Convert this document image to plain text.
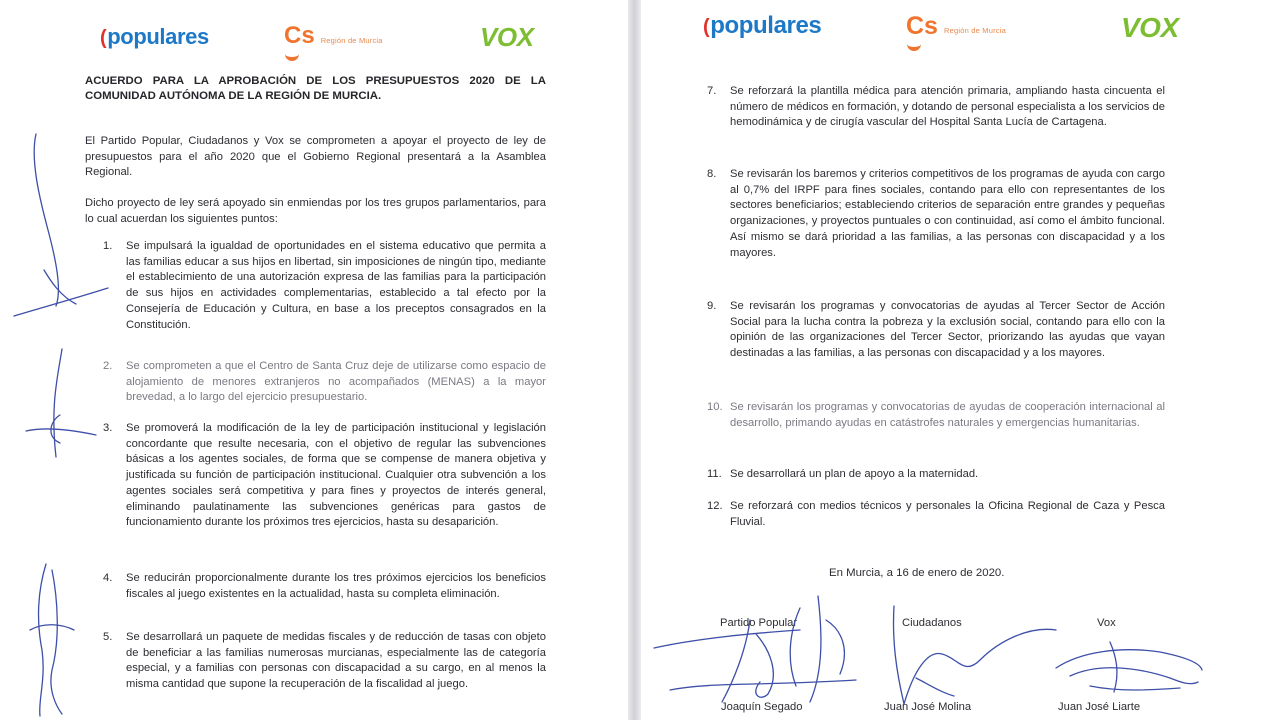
(populares	Cs Región de Murcia	VOX
ACUERDO PARA LA APROBACIÓN DE LOS PRESUPUESTOS 2020 DE LA COMUNIDAD AUTÓNOMA DE LA REGIÓN DE MURCIA.
El Partido Popular, Ciudadanos y Vox se comprometen a apoyar el proyecto de ley de presupuestos para el año 2020 que el Gobierno Regional presentará a la Asamblea Regional.
Dicho proyecto de ley será apoyado sin enmiendas por los tres grupos parlamentarios, para lo cual acuerdan los siguientes puntos:
1.	Se impulsará la igualdad de oportunidades en el sistema educativo que permita a las familias educar a sus hijos en libertad, sin imposiciones de ningún tipo, mediante el establecimiento de una autorización expresa de las familias para la participación de sus hijos en actividades complementarias, establecido a tal efecto por la Consejería de Educación y Cultura, en base a los preceptos consagrados en la Constitución.
2.	Se comprometen a que el Centro de Santa Cruz deje de utilizarse como espacio de alojamiento de menores extranjeros no acompañados (MENAS) a la mayor brevedad, a lo largo del ejercicio presupuestario.
3.	Se promoverá la modificación de la ley de participación institucional y legislación concordante que resulte necesaria, con el objetivo de regular las subvenciones básicas a los agentes sociales, de forma que se compense de manera objetiva y justificada su función de participación institucional. Cualquier otra subvención a los agentes sociales será competitiva y para fines y proyectos de interés general, eliminando paulatinamente las subvenciones genéricas para gastos de funcionamiento durante los próximos tres ejercicios, hasta su desaparición.
4.	Se reducirán proporcionalmente durante los tres próximos ejercicios los beneficios fiscales al juego existentes en la actualidad, hasta su completa eliminación.
5.	Se desarrollará un paquete de medidas fiscales y de reducción de tasas con objeto de beneficiar a las familias numerosas murcianas, especialmente las de categoría especial, y a familias con personas con discapacidad a su cargo, en al menos la misma cantidad que supone la recuperación de la fiscalidad al juego.
(populares	Cs Región de Murcia	VOX
7.	Se reforzará la plantilla médica para atención primaria, ampliando hasta cincuenta el número de médicos en formación, y dotando de personal especialista a los servicios de hemodinámica y de cirugía vascular del Hospital Santa Lucía de Cartagena.
8.	Se revisarán los baremos y criterios competitivos de los programas de ayuda con cargo al 0,7% del IRPF para fines sociales, contando para ello con representantes de los sectores beneficiarios; estableciendo criterios de separación entre grandes y pequeñas organizaciones, y proyectos puntuales o con continuidad, así como el ámbito funcional. Así mismo se dará prioridad a las familias, a las personas con discapacidad y a los mayores.
9.	Se revisarán los programas y convocatorias de ayudas al Tercer Sector de Acción Social para la lucha contra la pobreza y la exclusión social, contando para ello con la opinión de las organizaciones del Tercer Sector, priorizando las ayudas que vayan destinadas a las familias, a las personas con discapacidad y a los mayores.
10. Se revisarán los programas y convocatorias de ayudas de cooperación internacional al desarrollo, primando ayudas en catástrofes naturales y emergencias humanitarias.
11. Se desarrollará un plan de apoyo a la maternidad.
12. Se reforzará con medios técnicos y personales la Oficina Regional de Caza y Pesca Fluvial.
En Murcia, a 16 de enero de 2020.
Partido Popular	Ciudadanos	Vox
Joaquín Segado	Juan José Molina	Juan José Liarte
